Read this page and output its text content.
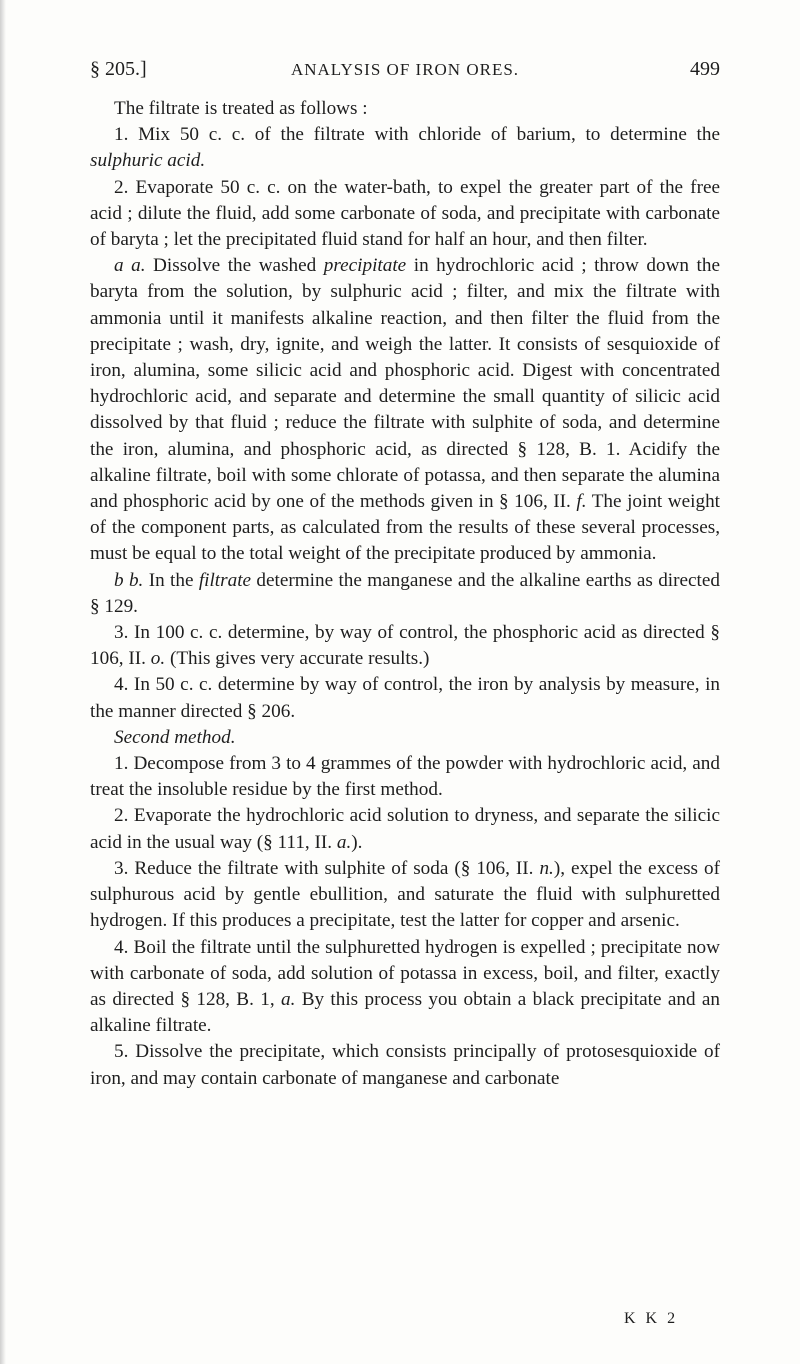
§ 205.]	ANALYSIS OF IRON ORES.	499

The filtrate is treated as follows :

1. Mix 50 c. c. of the filtrate with chloride of barium, to determine the sulphuric acid.

2. Evaporate 50 c. c. on the water-bath, to expel the greater part of the free acid ; dilute the fluid, add some carbonate of soda, and precipitate with carbonate of baryta ; let the precipitated fluid stand for half an hour, and then filter.

a a. Dissolve the washed precipitate in hydrochloric acid ; throw down the baryta from the solution, by sulphuric acid ; filter, and mix the filtrate with ammonia until it manifests alkaline reaction, and then filter the fluid from the precipitate ; wash, dry, ignite, and weigh the latter. It consists of sesquioxide of iron, alumina, some silicic acid and phosphoric acid. Digest with concentrated hydrochloric acid, and separate and determine the small quantity of silicic acid dissolved by that fluid ; reduce the filtrate with sulphite of soda, and determine the iron, alumina, and phosphoric acid, as directed § 128, B. 1. Acidify the alkaline filtrate, boil with some chlorate of potassa, and then separate the alumina and phosphoric acid by one of the methods given in § 106, II. f. The joint weight of the component parts, as calculated from the results of these several processes, must be equal to the total weight of the precipitate produced by ammonia.

b b. In the filtrate determine the manganese and the alkaline earths as directed § 129.

3. In 100 c. c. determine, by way of control, the phosphoric acid as directed § 106, II. o. (This gives very accurate results.)

4. In 50 c. c. determine by way of control, the iron by analysis by measure, in the manner directed § 206.

Second method.

1. Decompose from 3 to 4 grammes of the powder with hydrochloric acid, and treat the insoluble residue by the first method.

2. Evaporate the hydrochloric acid solution to dryness, and separate the silicic acid in the usual way (§ 111, II. a.).

3. Reduce the filtrate with sulphite of soda (§ 106, II. n.), expel the excess of sulphurous acid by gentle ebullition, and saturate the fluid with sulphuretted hydrogen. If this produces a precipitate, test the latter for copper and arsenic.

4. Boil the filtrate until the sulphuretted hydrogen is expelled ; precipitate now with carbonate of soda, add solution of potassa in excess, boil, and filter, exactly as directed § 128, B. 1, a. By this process you obtain a black precipitate and an alkaline filtrate.

5. Dissolve the precipitate, which consists principally of protosesquioxide of iron, and may contain carbonate of manganese and carbonate

K K 2
